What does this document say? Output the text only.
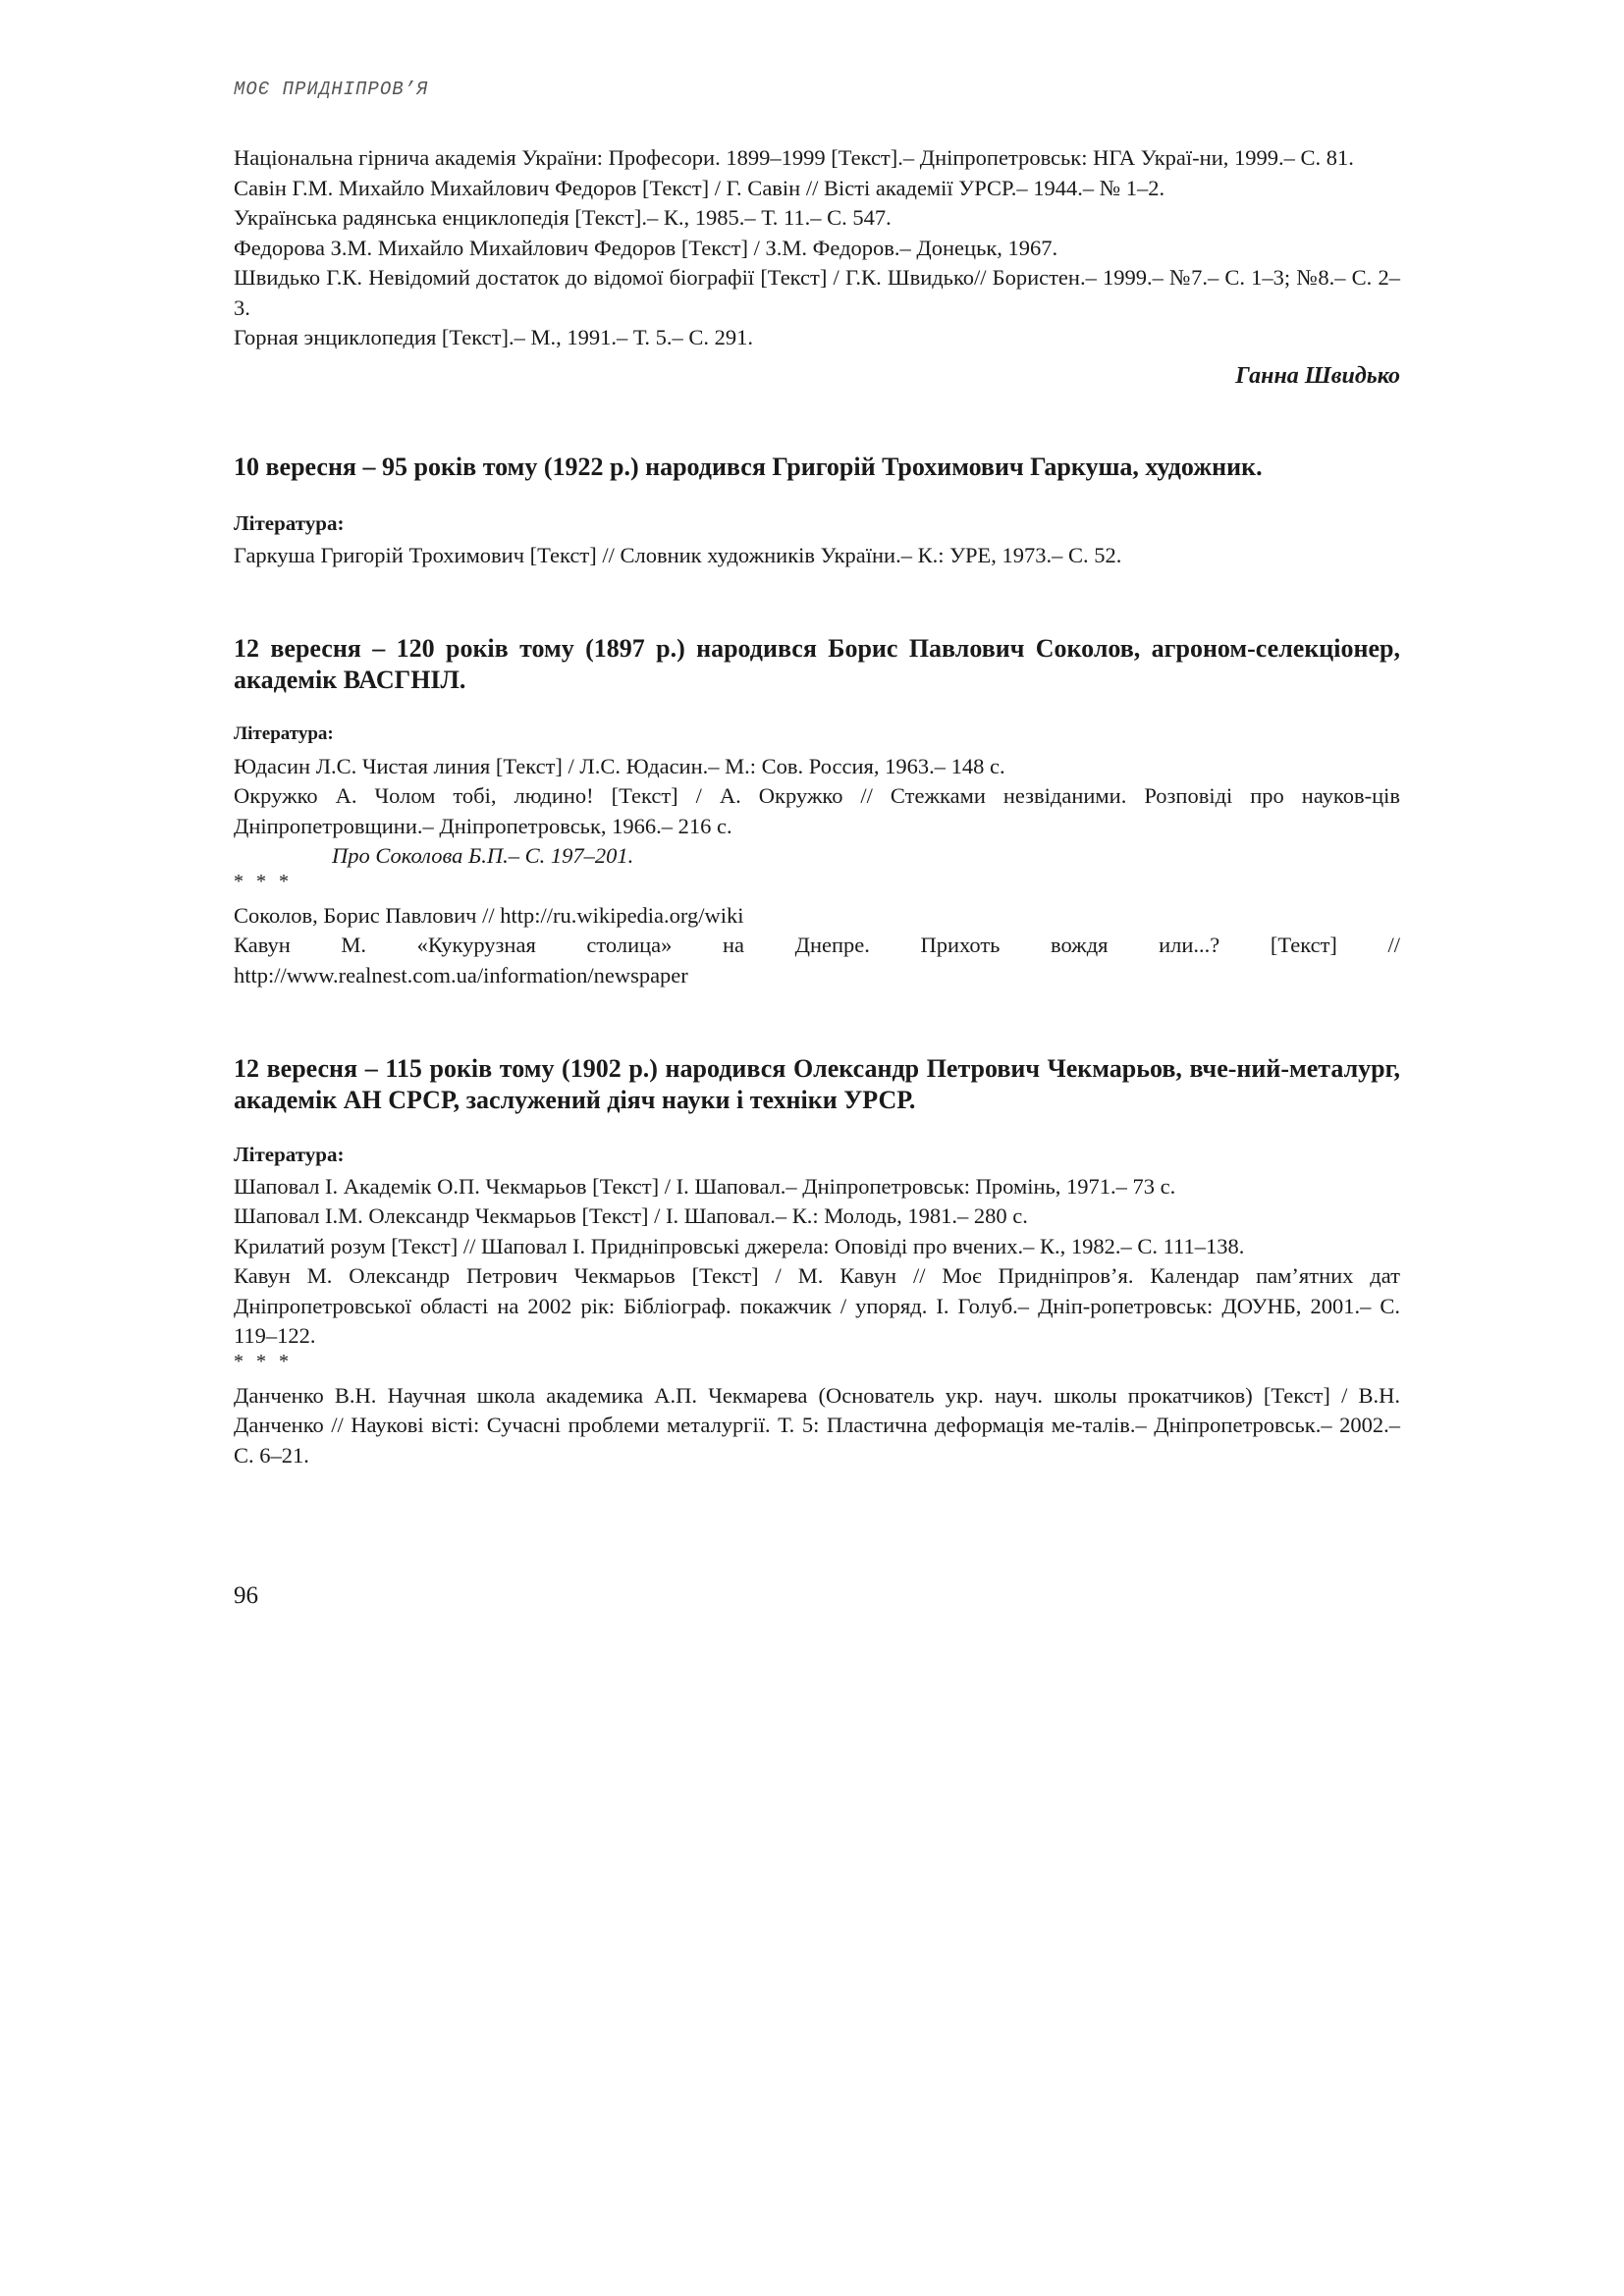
МОЄ ПРИДНІПРОВ’Я

Національна гірнича академія України: Професори. 1899–1999 [Текст].– Дніпропетровськ: НГА Украї-ни, 1999.– С. 81.

Савін Г.М. Михайло Михайлович Федоров [Текст] / Г. Савін // Вісті академії УРСР.– 1944.– № 1–2.

Українська радянська енциклопедія [Текст].– К., 1985.– Т. 11.– С. 547.

Федорова З.М. Михайло Михайлович Федоров [Текст] / З.М. Федоров.– Донецьк, 1967.

Швидько Г.К. Невідомий достаток до відомої біографії [Текст] / Г.К. Швидько// Бористен.– 1999.– №7.– С. 1–3; №8.– С. 2–3.

Горная энциклопедия [Текст].– М., 1991.– Т. 5.– С. 291.

Ганна Швидько

10 вересня – 95 років тому (1922 р.) народився Григорій Трохимович Гаркуша, художник.

Література:

Гаркуша Григорій Трохимович [Текст] // Словник художників України.– К.: УРЕ, 1973.– С. 52.

12 вересня – 120 років тому (1897 р.) народився Борис Павлович Соколов, агроном-селекціонер, академік ВАСГНІЛ.

Література:

Юдасин Л.С. Чистая линия [Текст] / Л.С. Юдасин.– М.: Сов. Россия, 1963.– 148 с.

Окружко А. Чолом тобі, людино! [Текст] / А. Окружко // Стежками незвіданими. Розповіді про науков-ців Дніпропетровщини.– Дніпропетровськ, 1966.– 216 с.

Про Соколова Б.П.– С. 197–201.

* * *

Соколов, Борис Павлович // http://ru.wikipedia.org/wiki

Кавун М. «Кукурузная столица» на Днепре. Прихоть вождя или...? [Текст] //

http://www.realnest.com.ua/information/newspaper

12 вересня – 115 років тому (1902 р.) народився Олександр Петрович Чекмарьов, вче-ний-металург, академік АН СРСР, заслужений діяч науки і техніки УРСР.

Література:

Шаповал І. Академік О.П. Чекмарьов [Текст] / І. Шаповал.– Дніпропетровськ: Промінь, 1971.– 73 с.

Шаповал І.М. Олександр Чекмарьов [Текст] / І. Шаповал.– К.: Молодь, 1981.– 280 с.

Крилатий розум [Текст] // Шаповал І. Придніпровські джерела: Оповіді про вчених.– К., 1982.– С. 111–138.

Кавун М. Олександр Петрович Чекмарьов [Текст] / М. Кавун // Моє Придніпров’я. Календар пам’ятних дат Дніпропетровської області на 2002 рік: Бібліограф. покажчик / упоряд. І. Голуб.– Дніп-ропетровськ: ДОУНБ, 2001.– С. 119–122.

* * *

Данченко В.Н. Научная школа академика А.П. Чекмарева (Основатель укр. науч. школы прокатчиков) [Текст] / В.Н. Данченко // Наукові вісті: Сучасні проблеми металургії. Т. 5: Пластична деформація ме-талів.– Дніпропетровськ.– 2002.– С. 6–21.

96
